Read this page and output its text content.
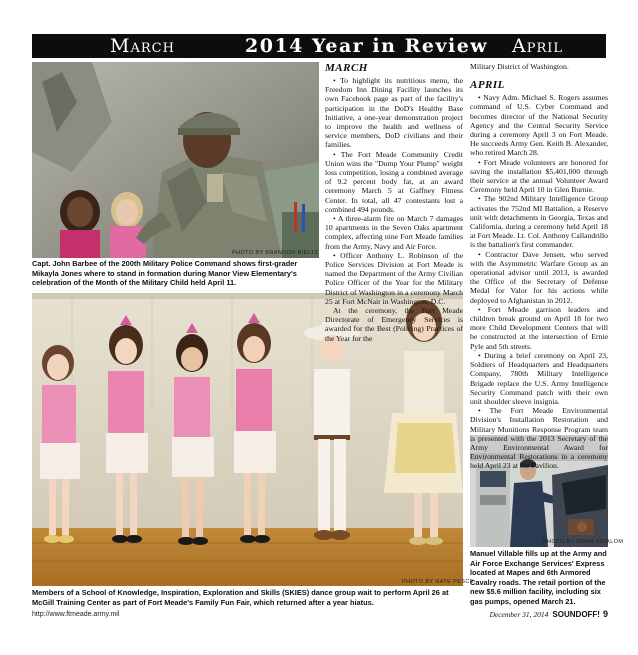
March	2014 Year in Review April
PHOTO BY BRANDON BIELTZ
Capt. John Barbee of the 200th Military Police Command shows first-grader Mikayla Jones where to stand in formation during Manor View Elementary's celebration of the Month of the Military Child held April 11.
PHOTO BY NATE PESCE
Members of a School of Knowledge, Inspiration, Exploration and Skills (SKIES) dance group wait to perform April 26 at McGill Training Center as part of Fort Meade's Family Fun Fair, which returned after a year hiatus.
PHOTO BY NOAH SCIALOM
Manuel Villable fills up at the Army and Air Force Exchange Services' Express located at Mapes and 6th Armored Cavalry roads. The retail portion of the new $5.6 million facility, including six gas pumps, opened March 21.
MARCH

• To highlight its nutritious menu, the Freedom Inn Dining Facility launches its own Facebook page as part of the facility's participation in the DoD's Healthy Base Initiative, a one-year demonstration project to improve the health and wellness of service members, DoD civilians and their families.

• The Fort Meade Community Credit Union wins the "Dump Your Plump" weight loss competition, losing a combined average of 9.2 percent body fat, at an award ceremony March 5 at Gaffney Fitness Center. In total, all 47 contestants lost a combined 494 pounds.

• A three-alarm fire on March 7 damages 10 apartments in the Seven Oaks apartment complex, affecting nine Fort Meade families from the Army, Navy and Air Force.

• Officer Anthony L. Robinson of the Police Services Division at Fort Meade is named the Department of the Army Civilian Police Officer of the Year for the Military District of Washington in a ceremony March 25 at Fort McNair in Washington, D.C.

At the ceremony, the Fort Meade Directorate of Emergency Services is awarded for the Best (Policing) Practices of the Year for the

Military District of Washington.

APRIL

• Navy Adm. Michael S. Rogers assumes command of U.S. Cyber Command and becomes director of the National Security Agency and the Central Security Service during a ceremony April 3 on Fort Meade. He succeeds Army Gen. Keith B. Alexander, who retired March 28.

• Fort Meade volunteers are honored for saving the installation $5,401,000 through their service at the annual Volunteer Award Ceremony held April 10 in Glen Burnie.

• The 902nd Military Intelligence Group activates the 752nd MI Battalion, a Reserve unit with detachments in Georgia, Texas and California, during a ceremony held April 18 at Fort Meade. Lt. Col. Anthony Callandrillo is the battalion's first commander.

• Contractor Dave Jensen, who served with the Asymmetric Warfare Group as an operational advisor until 2013, is awarded the Office of the Secretary of Defense Medal for Valor for his actions while deployed to Afghanistan in 2012.

• Fort Meade garrison leaders and children break ground on April 18 for two more Child Development Centers that will be constructed at the intersection of Ernie Pyle and 5th streets.

• During a brief ceremony on April 23, Soldiers of Headquarters and Headquarters Company, 780th Military Intelligence Brigade replace the U.S. Army Intelligence Security Command patch with their own unit shoulder sleeve insignia.

• The Fort Meade Environmental Division's Installation Restoration and Military Munitions Response Program team is presented with the 2013 Secretary of the Army Environmental Award for Environmental Restorations in a ceremony held April 23 at the Pavilion.

http://www.ftmeade.army.mil	December 31, 2014 SOUNDOFF! 9
